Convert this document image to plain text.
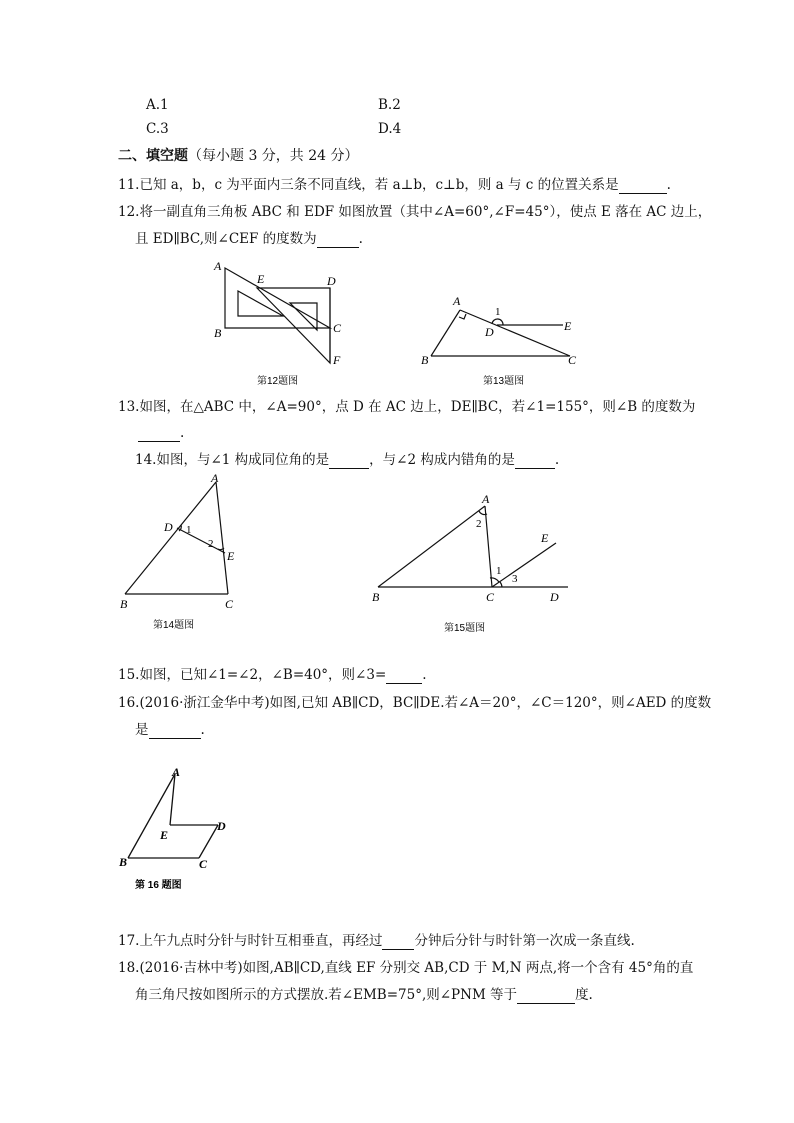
A.1	B.2
C.3	D.4
二、填空题（每小题 3 分，共 24 分）
11.已知 a，b，c 为平面内三条不同直线，若 a⊥b，c⊥b，则 a 与 c 的位置关系是	.
12.将一副直角三角板 ABC 和 EDF 如图放置（其中∠A=60°,∠F=45°），使点 E 落在 AC 边上，
且 ED∥BC,则∠CEF 的度数为	.
A
B	C
D
E
F
第12题图
A
B	C
D	E
1
第13题图
13.如图，在△ABC 中，∠A=90°，点 D 在 AC 边上，DE∥BC，若∠1=155°，则∠B 的度数为
.
14.如图，与∠1 构成同位角的是	，与∠2 构成内错角的是	.
A
B	C
D
E
1
2
第14题图
A
B	C	D
E
2
1
3
第15题图
15.如图，已知∠1=∠2，∠B=40°，则∠3=	.
16.(2016·浙江金华中考)如图,已知 AB∥CD，BC∥DE.若∠A＝20°，∠C＝120°，则∠AED 的度数
是	.
A
B	C
D
E
第 16 题图
17.上午九点时分针与时针互相垂直，再经过 分钟后分针与时针第一次成一条直线.
18.(2016·吉林中考)如图,AB∥CD,直线 EF 分别交 AB,CD 于 M,N 两点,将一个含有 45°角的直
角三角尺按如图所示的方式摆放.若∠EMB=75°,则∠PNM 等于	度.
